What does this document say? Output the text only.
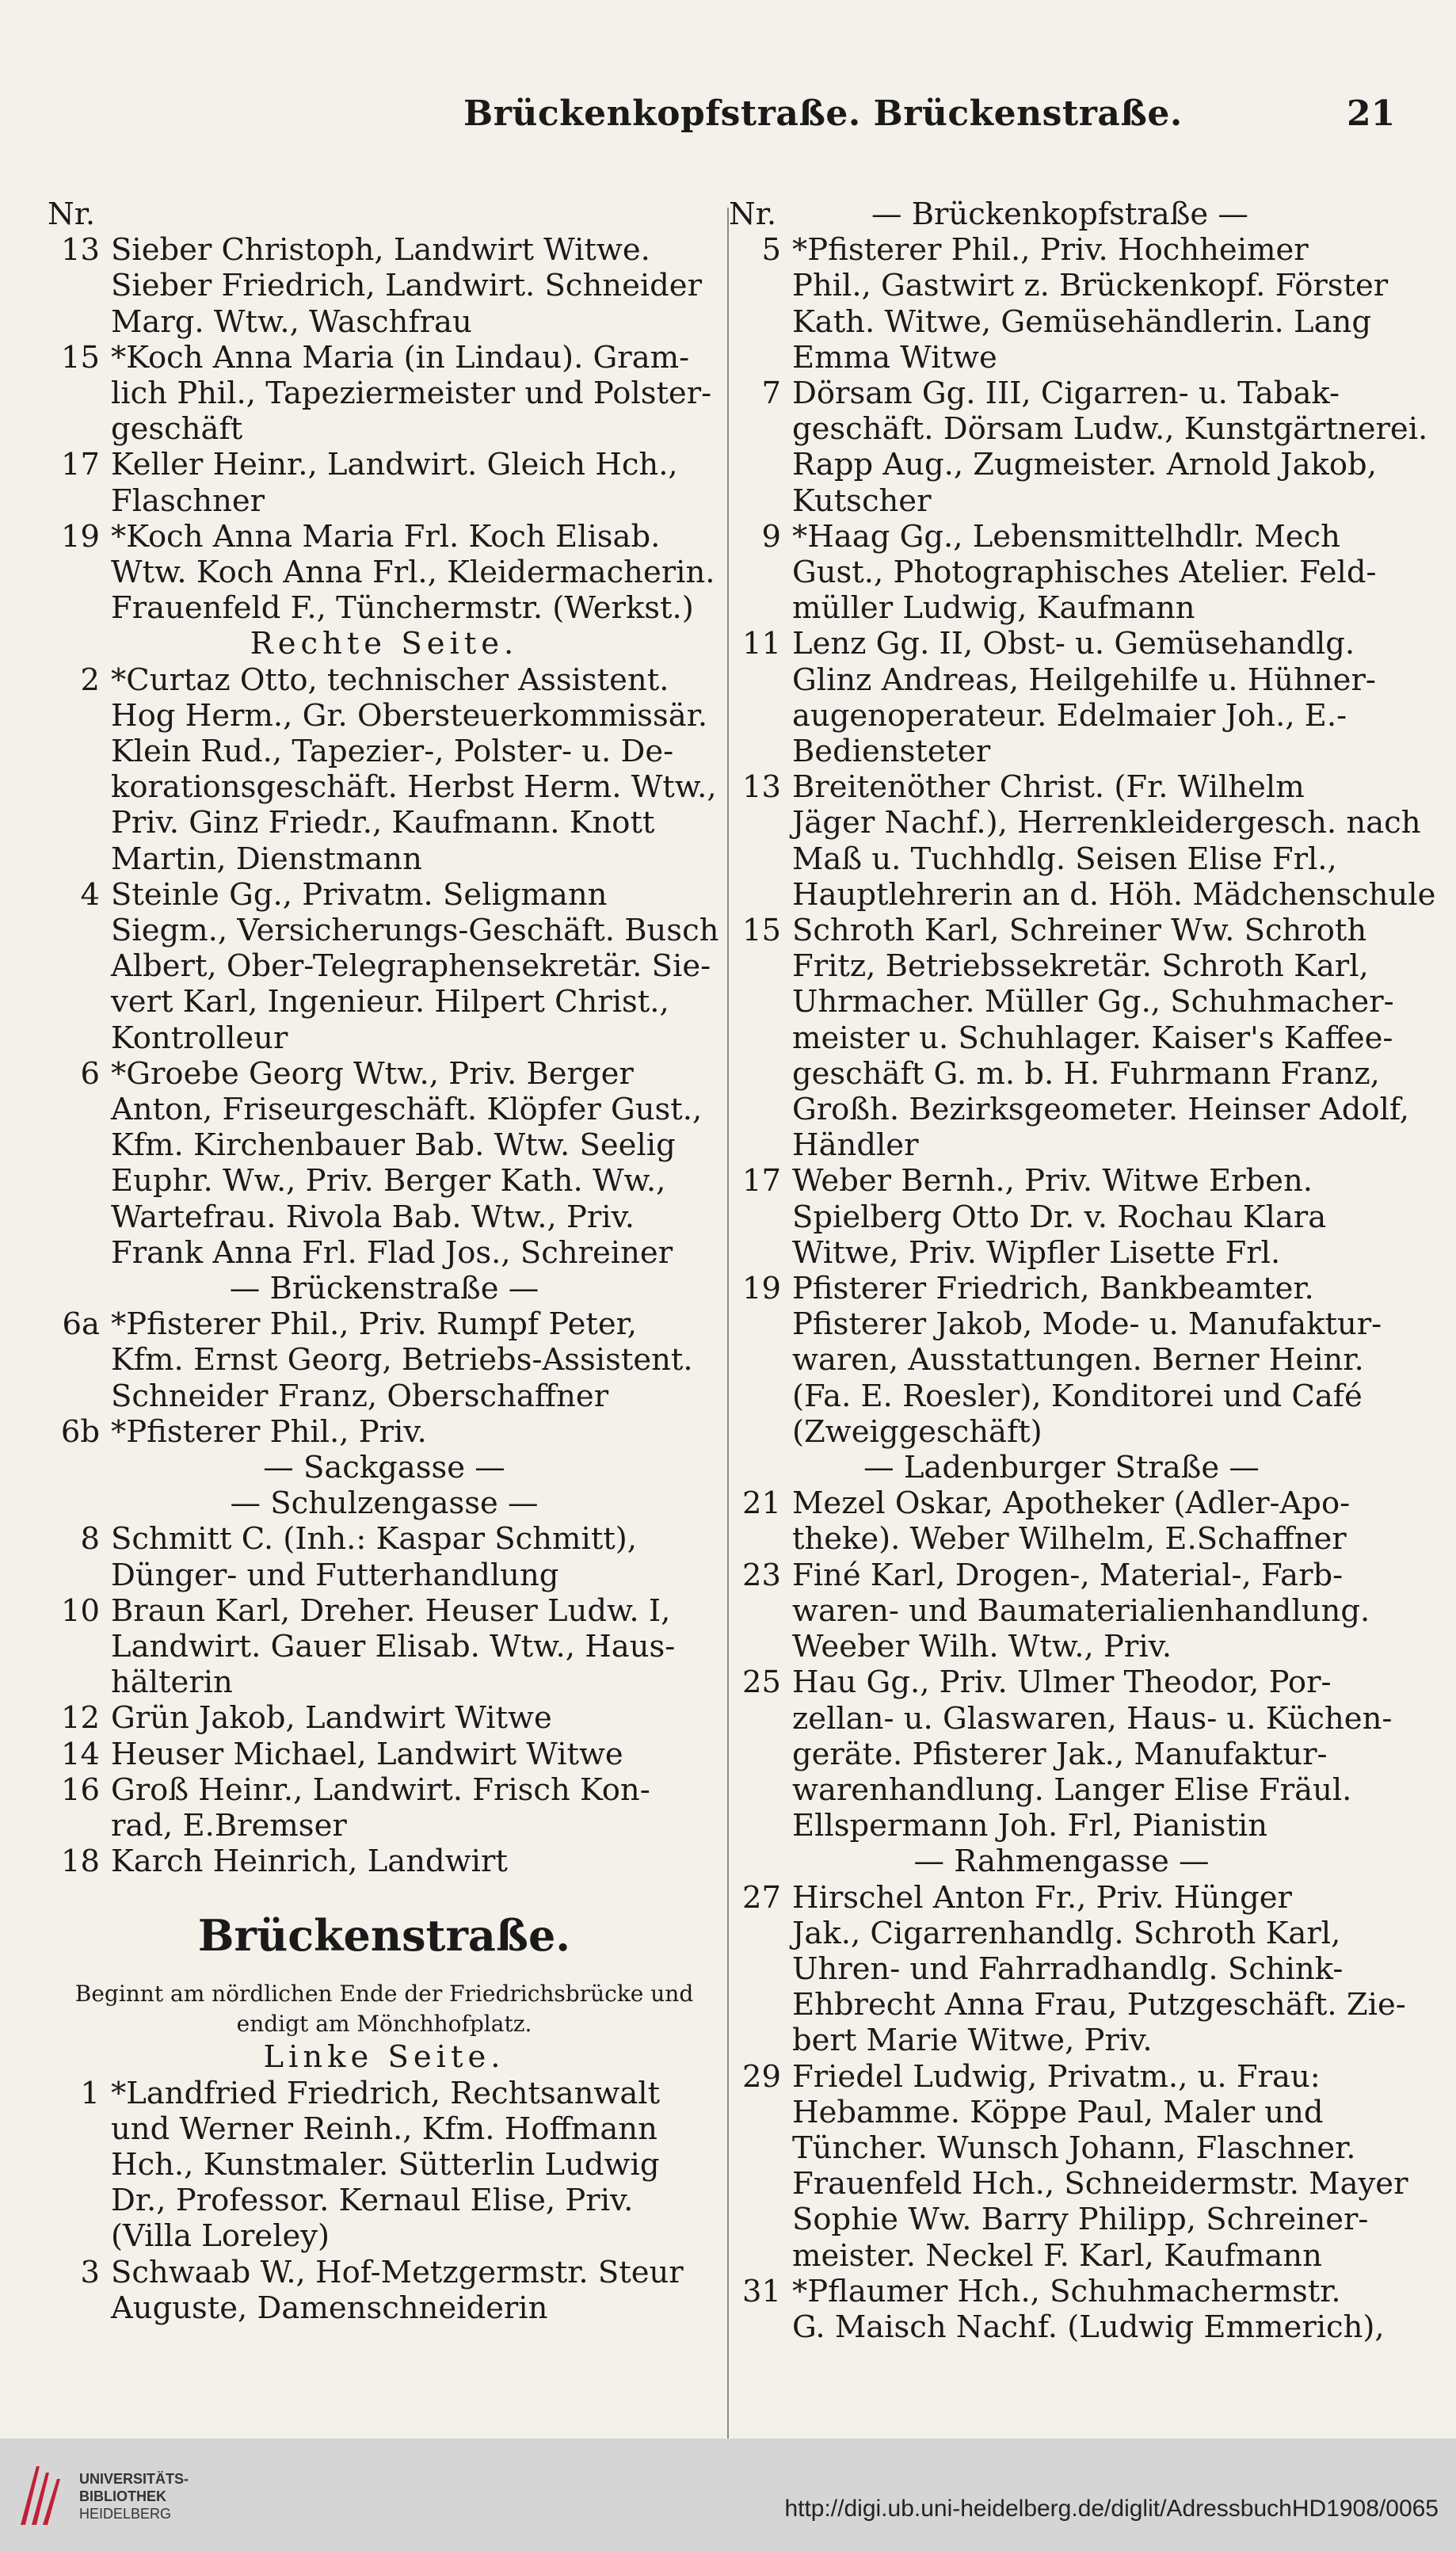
Brückenkopfstraße. Brückenstraße.	21
Nr.
13 Sieber Christoph, Landwirt Witwe.
Sieber Friedrich, Landwirt. Schneider
Marg. Wtw., Waschfrau
15 *Koch Anna Maria (in Lindau). Gram-
lich Phil., Tapeziermeister und Polster-
geschäft
17 Keller Heinr., Landwirt. Gleich Hch.,
Flaschner
19 *Koch Anna Maria Frl. Koch Elisab.
Wtw. Koch Anna Frl., Kleidermacherin.
Frauenfeld F., Tünchermstr. (Werkst.)
Rechte Seite.
2 *Curtaz Otto, technischer Assistent.
Hog Herm., Gr. Obersteuerkommissär.
Klein Rud., Tapezier-, Polster- u. De-
korationsgeschäft. Herbst Herm. Wtw.,
Priv. Ginz Friedr., Kaufmann. Knott
Martin, Dienstmann
4 Steinle Gg., Privatm. Seligmann
Siegm., Versicherungs-Geschäft. Busch
Albert, Ober-Telegraphensekretär. Sie-
vert Karl, Ingenieur. Hilpert Christ.,
Kontrolleur
6 *Groebe Georg Wtw., Priv. Berger
Anton, Friseurgeschäft. Klöpfer Gust.,
Kfm. Kirchenbauer Bab. Wtw. Seelig
Euphr. Ww., Priv. Berger Kath. Ww.,
Wartefrau. Rivola Bab. Wtw., Priv.
Frank Anna Frl. Flad Jos., Schreiner
— Brückenstraße —
6a *Pfisterer Phil., Priv. Rumpf Peter,
Kfm. Ernst Georg, Betriebs-Assistent.
Schneider Franz, Oberschaffner
6b *Pfisterer Phil., Priv.
— Sackgasse —
— Schulzengasse —
8 Schmitt C. (Inh.: Kaspar Schmitt),
Dünger- und Futterhandlung
10 Braun Karl, Dreher. Heuser Ludw. I,
Landwirt. Gauer Elisab. Wtw., Haus-
hälterin
12 Grün Jakob, Landwirt Witwe
14 Heuser Michael, Landwirt Witwe
16 Groß Heinr., Landwirt. Frisch Kon-
rad, E.Bremser
18 Karch Heinrich, Landwirt
Brückenstraße.
Beginnt am nördlichen Ende der Friedrichsbrücke und
endigt am Mönchhofplatz.
Linke Seite.
1 *Landfried Friedrich, Rechtsanwalt
und Werner Reinh., Kfm. Hoffmann
Hch., Kunstmaler. Sütterlin Ludwig
Dr., Professor. Kernaul Elise, Priv.
(Villa Loreley)
3 Schwaab W., Hof-Metzgermstr. Steur
Auguste, Damenschneiderin
Nr.	— Brückenkopfstraße —
5 *Pfisterer Phil., Priv. Hochheimer
Phil., Gastwirt z. Brückenkopf. Förster
Kath. Witwe, Gemüsehändlerin. Lang
Emma Witwe
7 Dörsam Gg. III, Cigarren- u. Tabak-
geschäft. Dörsam Ludw., Kunstgärtnerei.
Rapp Aug., Zugmeister. Arnold Jakob,
Kutscher
9 *Haag Gg., Lebensmittelhdlr. Mech
Gust., Photographisches Atelier. Feld-
müller Ludwig, Kaufmann
11 Lenz Gg. II, Obst- u. Gemüsehandlg.
Glinz Andreas, Heilgehilfe u. Hühner-
augenoperateur. Edelmaier Joh., E.-
Bediensteter
13 Breitenöther Christ. (Fr. Wilhelm
Jäger Nachf.), Herrenkleidergesch. nach
Maß u. Tuchhdlg. Seisen Elise Frl.,
Hauptlehrerin an d. Höh. Mädchenschule
15 Schroth Karl, Schreiner Ww. Schroth
Fritz, Betriebssekretär. Schroth Karl,
Uhrmacher. Müller Gg., Schuhmacher-
meister u. Schuhlager. Kaiser's Kaffee-
geschäft G. m. b. H. Fuhrmann Franz,
Großh. Bezirksgeometer. Heinser Adolf,
Händler
17 Weber Bernh., Priv. Witwe Erben.
Spielberg Otto Dr. v. Rochau Klara
Witwe, Priv. Wipfler Lisette Frl.
19 Pfisterer Friedrich, Bankbeamter.
Pfisterer Jakob, Mode- u. Manufaktur-
waren, Ausstattungen. Berner Heinr.
(Fa. E. Roesler), Konditorei und Café
(Zweiggeschäft)
— Ladenburger Straße —
21 Mezel Oskar, Apotheker (Adler-Apo-
theke). Weber Wilhelm, E.Schaffner
23 Finé Karl, Drogen-, Material-, Farb-
waren- und Baumaterialienhandlung.
Weeber Wilh. Wtw., Priv.
25 Hau Gg., Priv. Ulmer Theodor, Por-
zellan- u. Glaswaren, Haus- u. Küchen-
geräte. Pfisterer Jak., Manufaktur-
warenhandlung. Langer Elise Fräul.
Ellspermann Joh. Frl, Pianistin
— Rahmengasse —
27 Hirschel Anton Fr., Priv. Hünger
Jak., Cigarrenhandlg. Schroth Karl,
Uhren- und Fahrradhandlg. Schink-
Ehbrecht Anna Frau, Putzgeschäft. Zie-
bert Marie Witwe, Priv.
29 Friedel Ludwig, Privatm., u. Frau:
Hebamme. Köppe Paul, Maler und
Tüncher. Wunsch Johann, Flaschner.
Frauenfeld Hch., Schneidermstr. Mayer
Sophie Ww. Barry Philipp, Schreiner-
meister. Neckel F. Karl, Kaufmann
31 *Pflaumer Hch., Schuhmachermstr.
G. Maisch Nachf. (Ludwig Emmerich),
UNIVERSITÄTS-
BIBLIOTHEK
HEIDELBERG	http://digi.ub.uni-heidelberg.de/diglit/AdressbuchHD1908/0065
